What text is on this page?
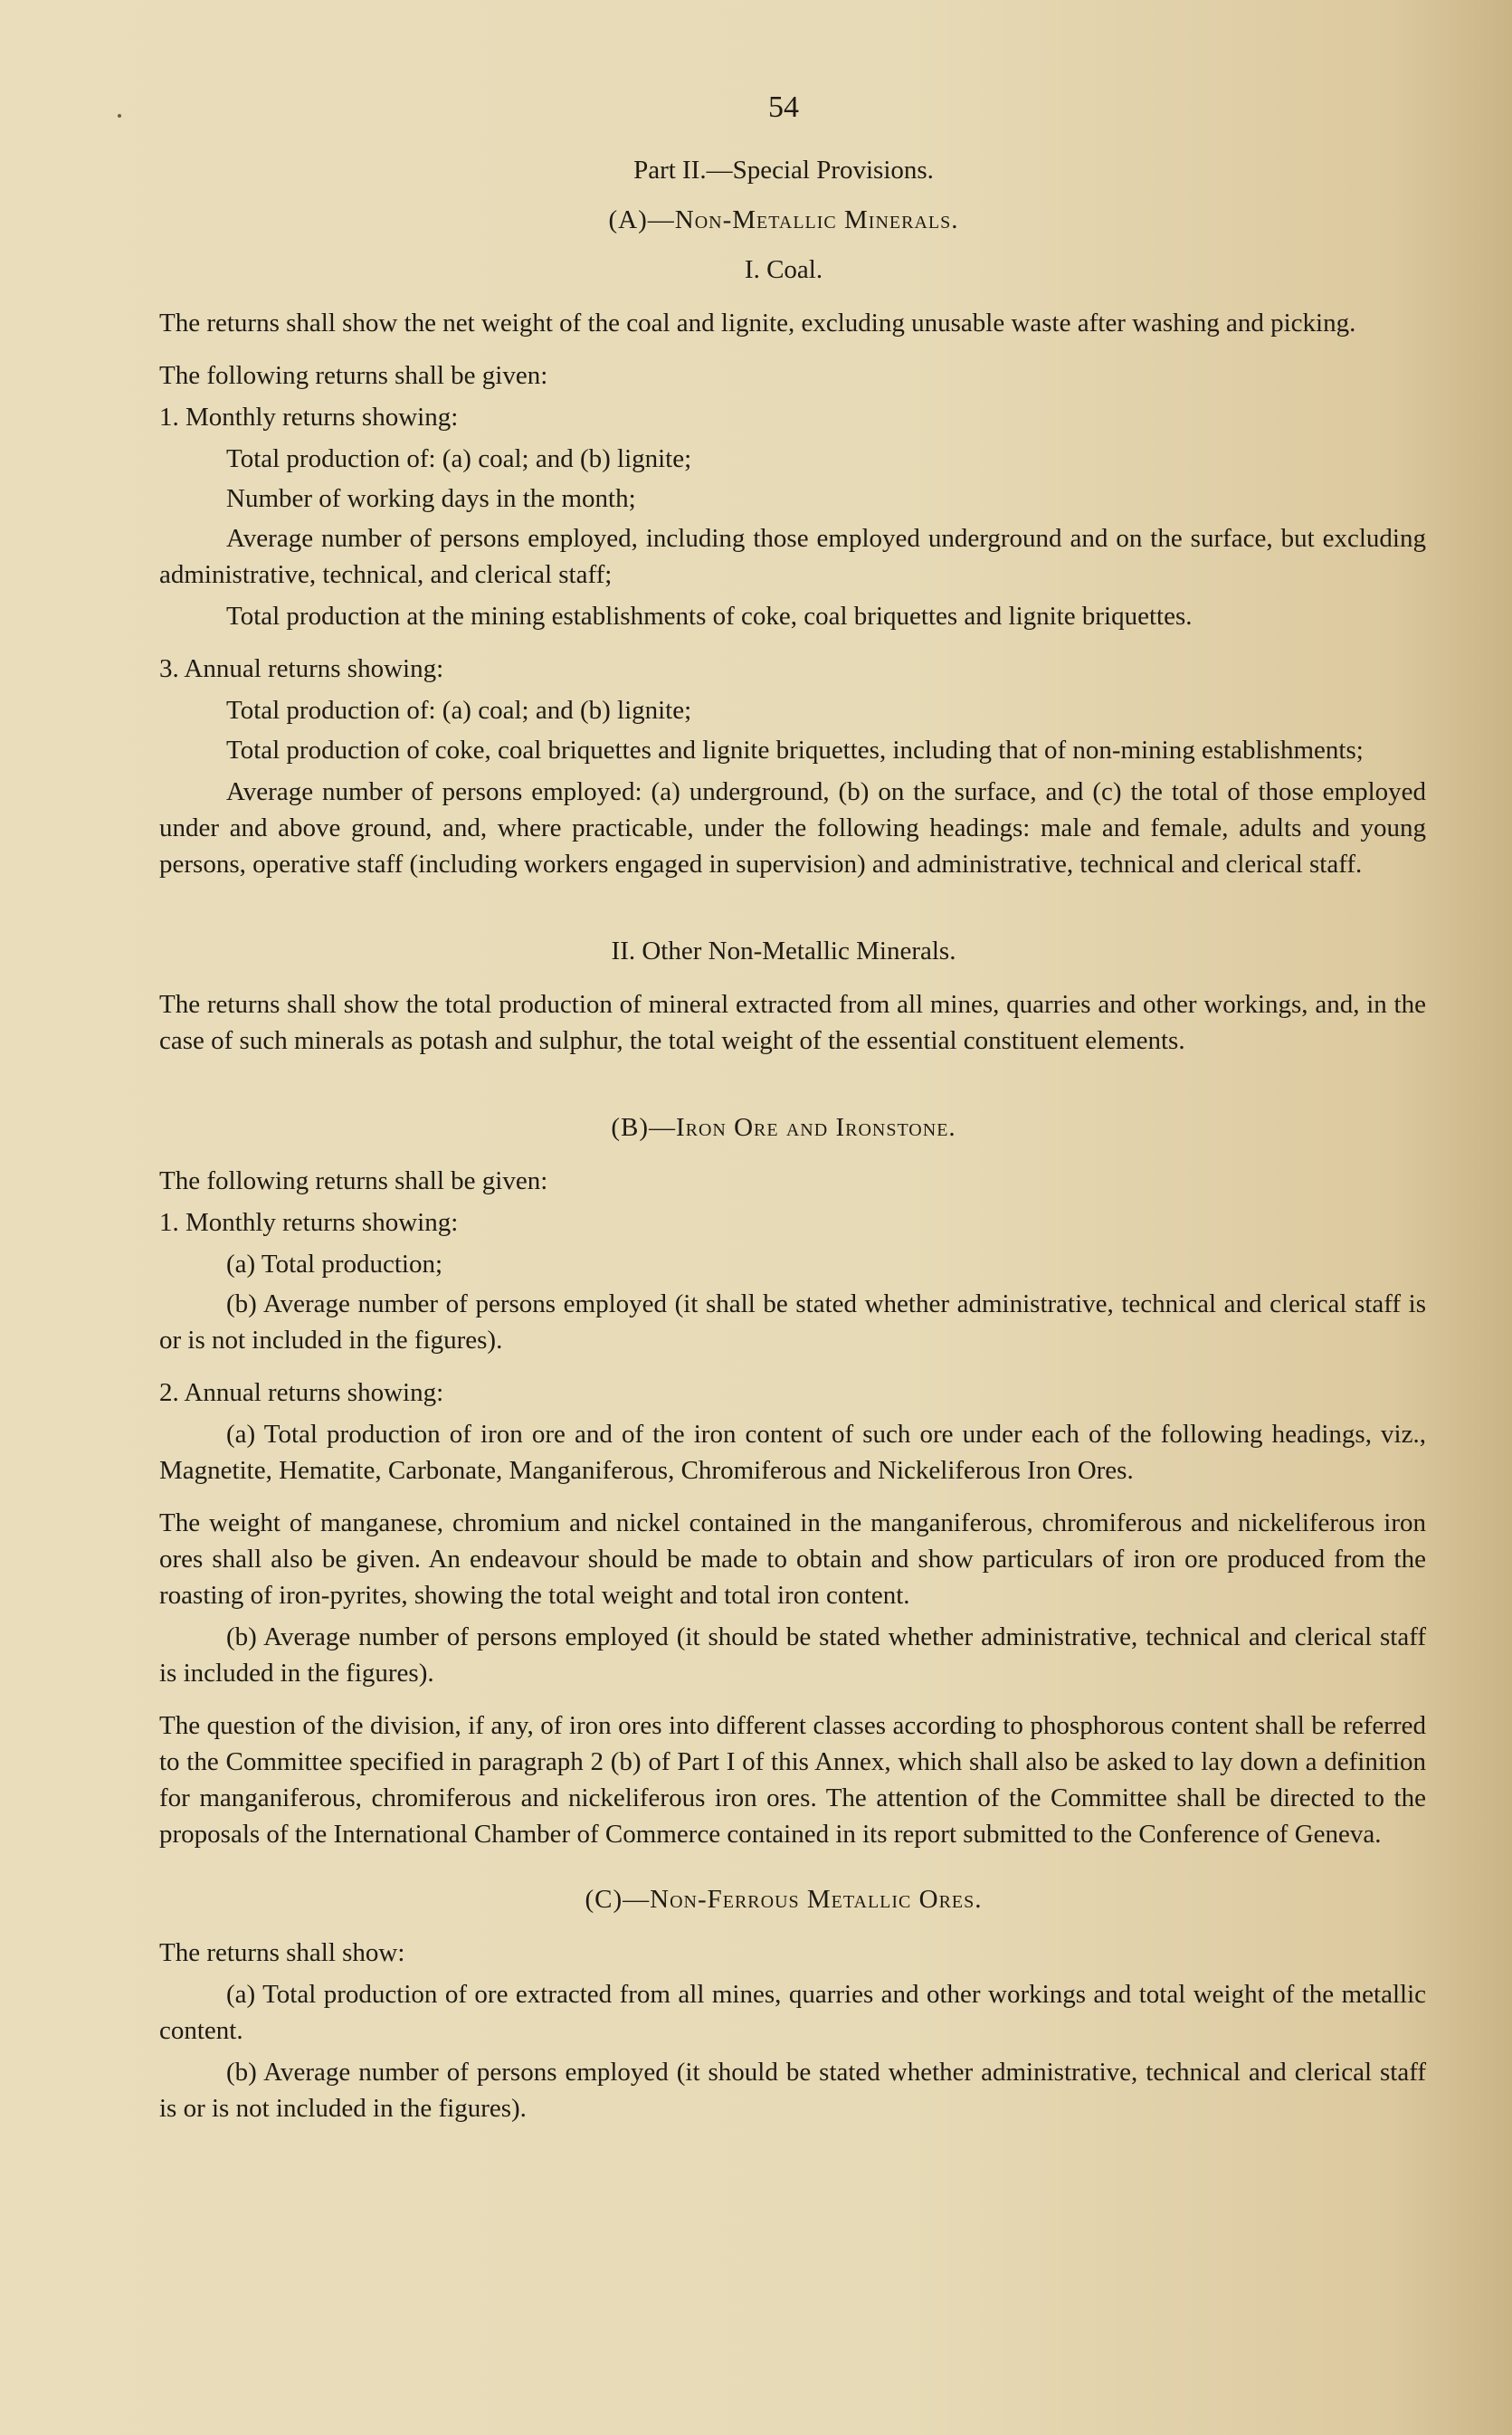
54
Part II.—Special Provisions.
(A)—Non-Metallic Minerals.
I. Coal.
The returns shall show the net weight of the coal and lignite, excluding unusable waste after washing and picking.
The following returns shall be given:
1. Monthly returns showing:
Total production of: (a) coal; and (b) lignite;
Number of working days in the month;
Average number of persons employed, including those employed underground and on the surface, but excluding administrative, technical, and clerical staff;
Total production at the mining establishments of coke, coal briquettes and lignite briquettes.
3. Annual returns showing:
Total production of: (a) coal; and (b) lignite;
Total production of coke, coal briquettes and lignite briquettes, including that of non-mining establishments;
Average number of persons employed: (a) underground, (b) on the surface, and (c) the total of those employed under and above ground, and, where practicable, under the following headings: male and female, adults and young persons, operative staff (including workers engaged in supervision) and administrative, technical and clerical staff.
II. Other Non-Metallic Minerals.
The returns shall show the total production of mineral extracted from all mines, quarries and other workings, and, in the case of such minerals as potash and sulphur, the total weight of the essential constituent elements.
(B)—Iron Ore and Ironstone.
The following returns shall be given:
1. Monthly returns showing:
(a) Total production;
(b) Average number of persons employed (it shall be stated whether administrative, technical and clerical staff is or is not included in the figures).
2. Annual returns showing:
(a) Total production of iron ore and of the iron content of such ore under each of the following headings, viz., Magnetite, Hematite, Carbonate, Manganiferous, Chromiferous and Nickeliferous Iron Ores.
The weight of manganese, chromium and nickel contained in the manganiferous, chromiferous and nickeliferous iron ores shall also be given. An endeavour should be made to obtain and show particulars of iron ore produced from the roasting of iron-pyrites, showing the total weight and total iron content.
(b) Average number of persons employed (it should be stated whether administrative, technical and clerical staff is included in the figures).
The question of the division, if any, of iron ores into different classes according to phosphorous content shall be referred to the Committee specified in paragraph 2 (b) of Part I of this Annex, which shall also be asked to lay down a definition for manganiferous, chromiferous and nickeliferous iron ores. The attention of the Committee shall be directed to the proposals of the International Chamber of Commerce contained in its report submitted to the Conference of Geneva.
(C)—Non-Ferrous Metallic Ores.
The returns shall show:
(a) Total production of ore extracted from all mines, quarries and other workings and total weight of the metallic content.
(b) Average number of persons employed (it should be stated whether administrative, technical and clerical staff is or is not included in the figures).
